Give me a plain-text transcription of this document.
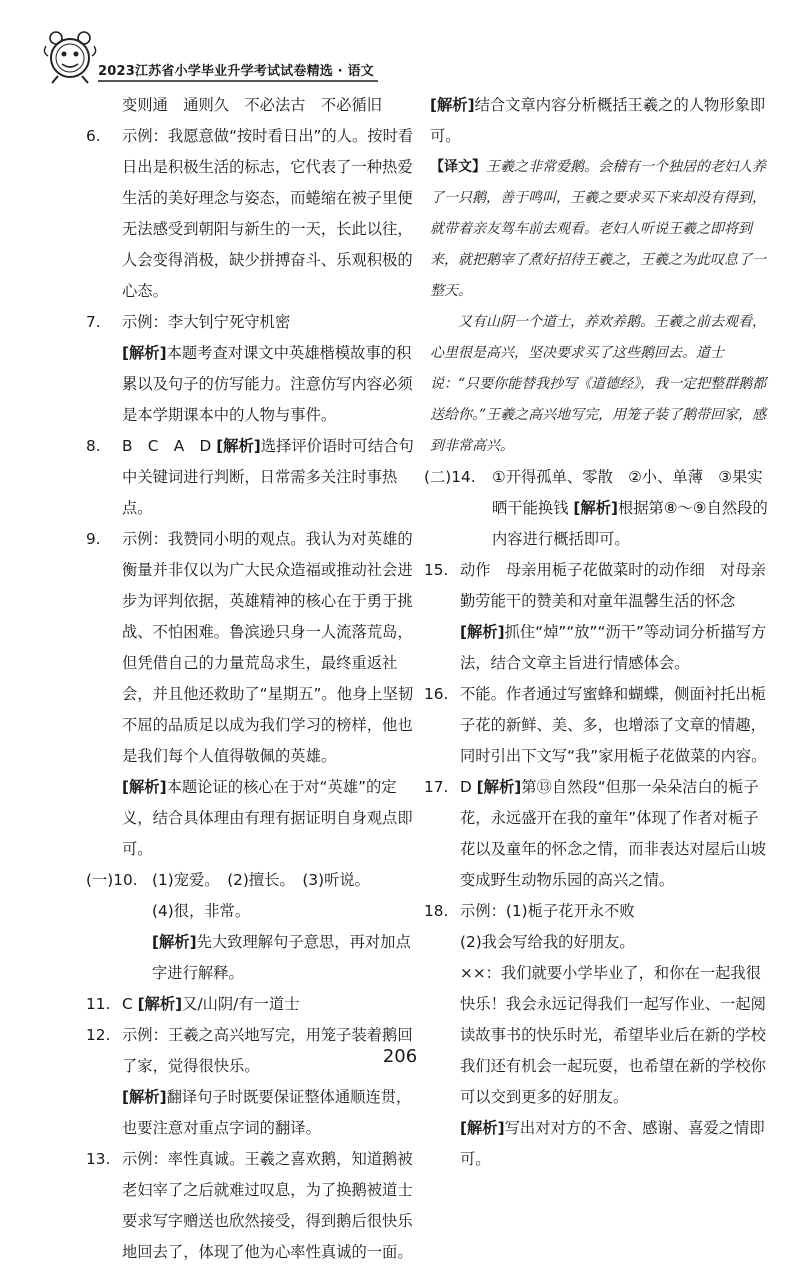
2023江苏省小学毕业升学考试试卷精选 · 语文

变则通　通则久　不必法古　不必循旧

6. 示例：我愿意做“按时看日出”的人。按时看日出是积极生活的标志，它代表了一种热爱生活的美好理念与姿态，而蜷缩在被子里便无法感受到朝阳与新生的一天，长此以往，人会变得消极，缺少拼搏奋斗、乐观积极的心态。

7. 示例：李大钊宁死守机密

[解析]本题考查对课文中英雄楷模故事的积累以及句子的仿写能力。注意仿写内容必须是本学期课本中的人物与事件。

8. B　C　A　D [解析]选择评价语时可结合句中关键词进行判断，日常需多关注时事热点。

9. 示例：我赞同小明的观点。我认为对英雄的衡量并非仅以为广大民众造福或推动社会进步为评判依据，英雄精神的核心在于勇于挑战、不怕困难。鲁滨逊只身一人流落荒岛，但凭借自己的力量荒岛求生，最终重返社会，并且他还救助了“星期五”。他身上坚韧不屈的品质足以成为我们学习的榜样，他也是我们每个人值得敬佩的英雄。

[解析]本题论证的核心在于对“英雄”的定义，结合具体理由有理有据证明自身观点即可。

(一)10. (1)宠爱。　(2)擅长。　(3)听说。

(4)很，非常。

[解析]先大致理解句子意思，再对加点字进行解释。

11. C [解析]又/山阴/有一道士

12. 示例：王羲之高兴地写完，用笼子装着鹅回了家，觉得很快乐。

[解析]翻译句子时既要保证整体通顺连贯，也要注意对重点字词的翻译。

13. 示例：率性真诚。王羲之喜欢鹅，知道鹅被老妇宰了之后就难过叹息，为了换鹅被道士要求写字赠送也欣然接受，得到鹅后很快乐地回去了，体现了他为心率性真诚的一面。

[解析]结合文章内容分析概括王羲之的人物形象即可。

【译文】王羲之非常爱鹅。会稽有一个独居的老妇人养了一只鹅，善于鸣叫，王羲之要求买下来却没有得到，就带着亲友驾车前去观看。老妇人听说王羲之即将到来，就把鹅宰了煮好招待王羲之，王羲之为此叹息了一整天。

又有山阴一个道士，养欢养鹅。王羲之前去观看，心里很是高兴，坚决要求买了这些鹅回去。道士说：“只要你能替我抄写《道德经》，我一定把整群鹅都送给你。”王羲之高兴地写完，用笼子装了鹅带回家，感到非常高兴。

(二)14. ①开得孤单、零散　②小、单薄　③果实晒干能换钱 [解析]根据第⑧～⑨自然段的内容进行概括即可。

15. 动作　母亲用栀子花做菜时的动作细　对母亲勤劳能干的赞美和对童年温馨生活的怀念

[解析]抓住“焯”“放”“沥干”等动词分析描写方法，结合文章主旨进行情感体会。

16. 不能。作者通过写蜜蜂和蝴蝶，侧面衬托出栀子花的新鲜、美、多，也增添了文章的情趣，同时引出下文写“我”家用栀子花做菜的内容。

17. D [解析]第⑬自然段“但那一朵朵洁白的栀子花，永远盛开在我的童年”体现了作者对栀子花以及童年的怀念之情，而非表达对屋后山坡变成野生动物乐园的高兴之情。

18. 示例：(1)栀子花开永不败

(2)我会写给我的好朋友。

××：我们就要小学毕业了，和你在一起我很快乐！我会永远记得我们一起写作业、一起阅读故事书的快乐时光，希望毕业后在新的学校我们还有机会一起玩耍，也希望在新的学校你可以交到更多的好朋友。

[解析]写出对对方的不舍、感谢、喜爱之情即可。

206
